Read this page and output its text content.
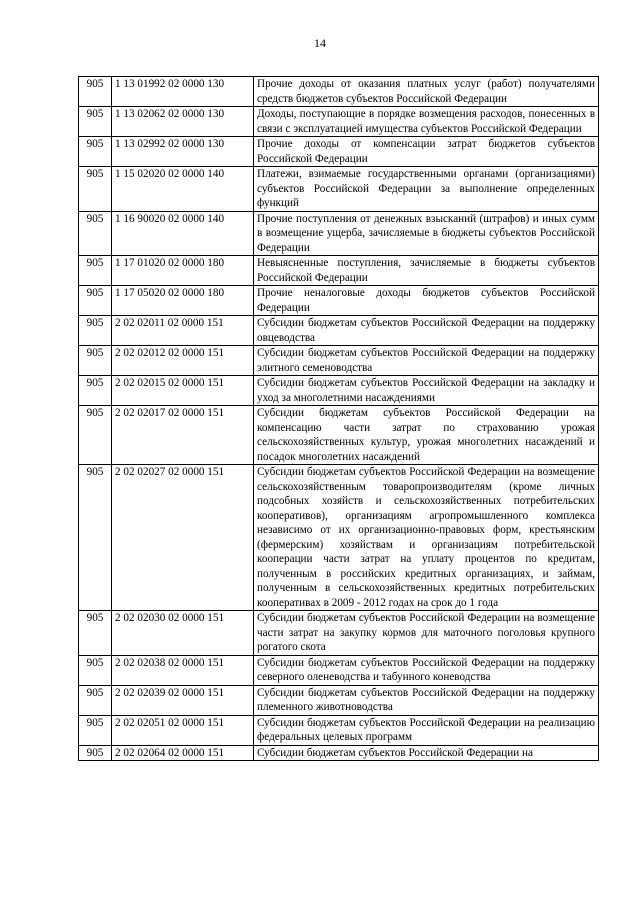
14
905	1 13 01992 02 0000 130	Прочие доходы от оказания платных услуг (работ) получателями средств бюджетов субъектов Российской Федерации
905	1 13 02062 02 0000 130	Доходы, поступающие в порядке возмещения расходов, понесенных в связи с эксплуатацией имущества субъектов Российской Федерации
905	1 13 02992 02 0000 130	Прочие доходы от компенсации затрат бюджетов субъектов Российской Федерации
905	1 15 02020 02 0000 140	Платежи, взимаемые государственными органами (организациями) субъектов Российской Федерации за выполнение определенных функций
905	1 16 90020 02 0000 140	Прочие поступления от денежных взысканий (штрафов) и иных сумм в возмещение ущерба, зачисляемые в бюджеты субъектов Российской Федерации
905	1 17 01020 02 0000 180	Невыясненные поступления, зачисляемые в бюджеты субъектов Российской Федерации
905	1 17 05020 02 0000 180	Прочие неналоговые доходы бюджетов субъектов Российской Федерации
905	2 02 02011 02 0000 151	Субсидии бюджетам субъектов Российской Федерации на поддержку овцеводства
905	2 02 02012 02 0000 151	Субсидии бюджетам субъектов Российской Федерации на поддержку элитного семеноводства
905	2 02 02015 02 0000 151	Субсидии бюджетам субъектов Российской Федерации на закладку и уход за многолетними насаждениями
905	2 02 02017 02 0000 151	Субсидии бюджетам субъектов Российской Федерации на компенсацию части затрат по страхованию урожая сельскохозяйственных культур, урожая многолетних насаждений и посадок многолетних насаждений
905	2 02 02027 02 0000 151	Субсидии бюджетам субъектов Российской Федерации на возмещение сельскохозяйственным товаропроизводителям (кроме личных подсобных хозяйств и сельскохозяйственных потребительских кооперативов), организациям агропромышленного комплекса независимо от их организационно-правовых форм, крестьянским (фермерским) хозяйствам и организациям потребительской кооперации части затрат на уплату процентов по кредитам, полученным в российских кредитных организациях, и займам, полученным в сельскохозяйственных кредитных потребительских кооперативах в 2009 - 2012 годах на срок до 1 года
905	2 02 02030 02 0000 151	Субсидии бюджетам субъектов Российской Федерации на возмещение части затрат на закупку кормов для маточного поголовья крупного рогатого скота
905	2 02 02038 02 0000 151	Субсидии бюджетам субъектов Российской Федерации на поддержку северного оленеводства и табунного коневодства
905	2 02 02039 02 0000 151	Субсидии бюджетам субъектов Российской Федерации на поддержку племенного животноводства
905	2 02 02051 02 0000 151	Субсидии бюджетам субъектов Российской Федерации на реализацию федеральных целевых программ
905	2 02 02064 02 0000 151	Субсидии бюджетам субъектов Российской Федерации на
